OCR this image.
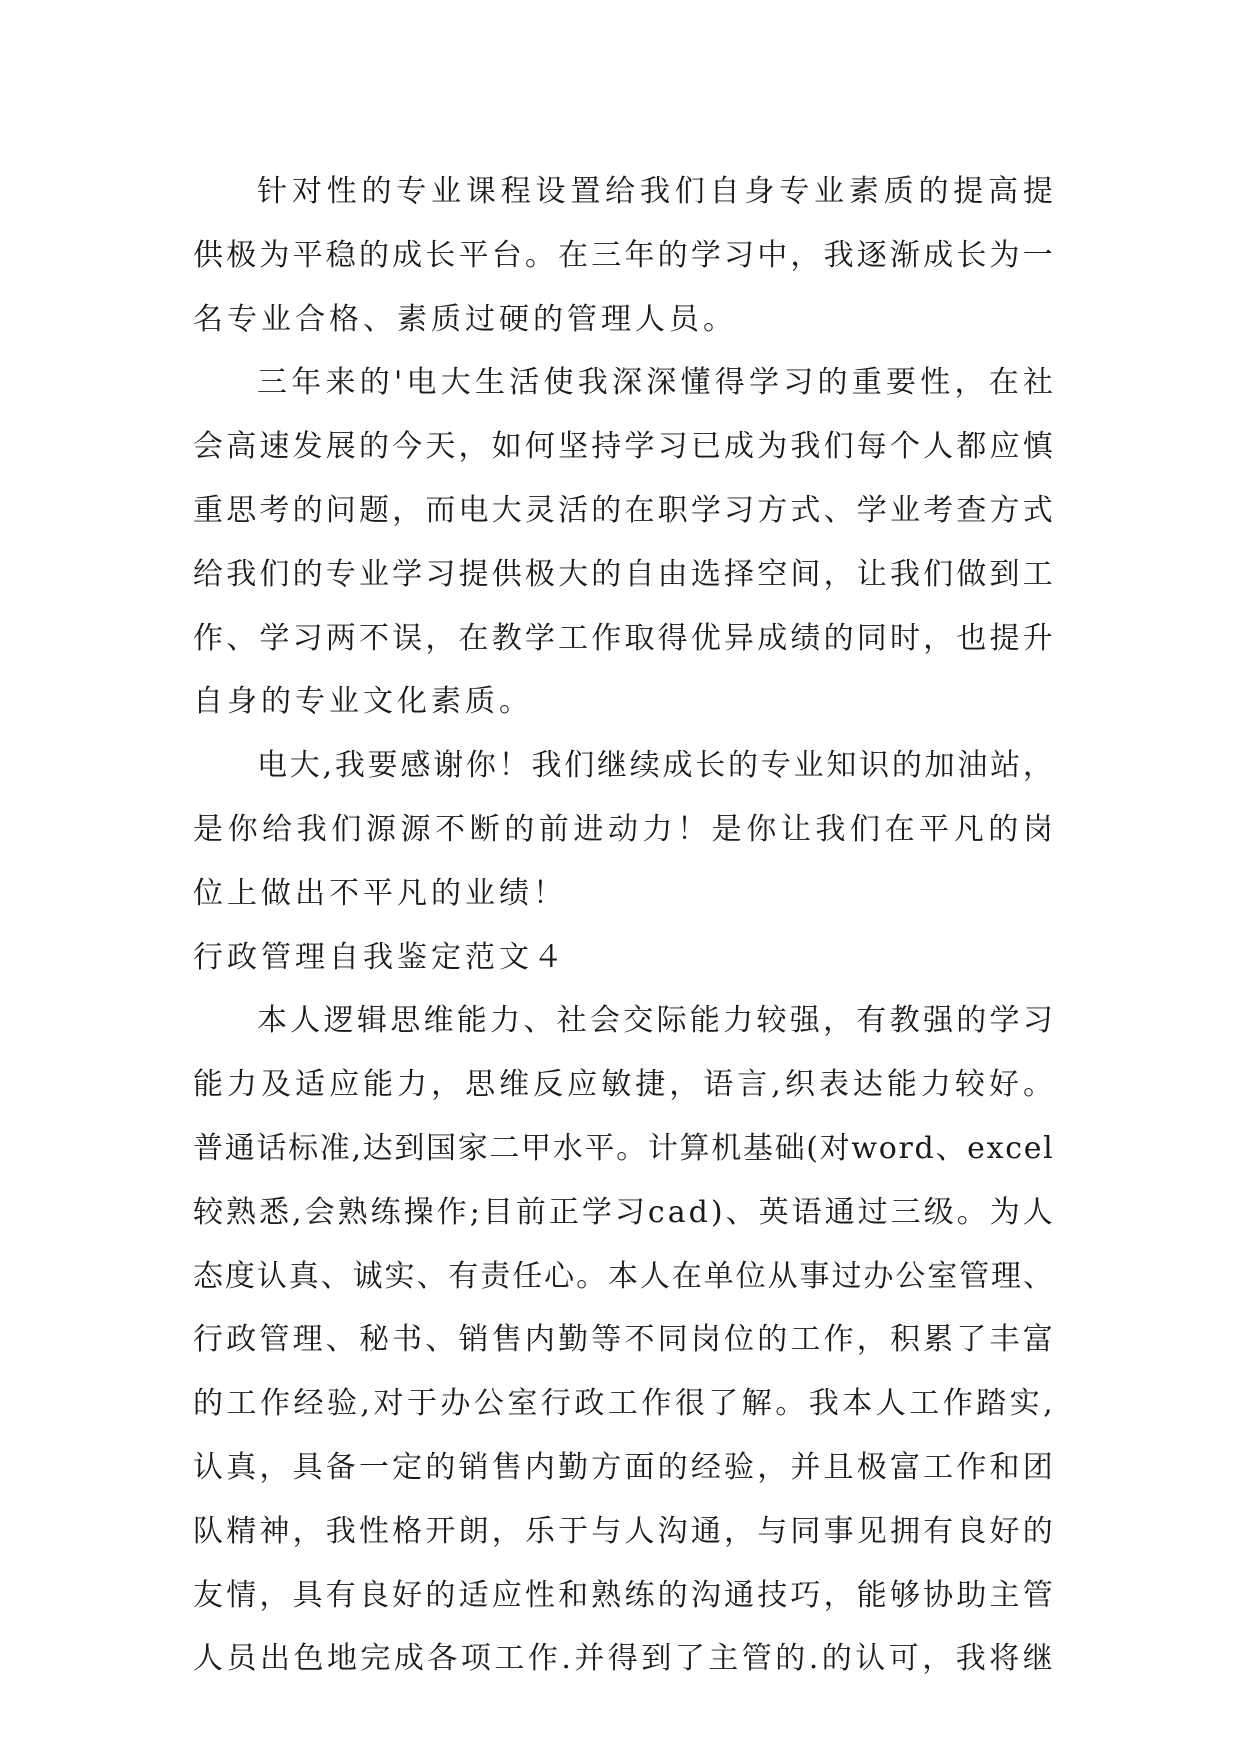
针 对 性 的 专 业 课 程 设 置 给 我 们 自 身 专 业 素 质 的 提 高 提
供 极 为 平 稳 的 成 长 平 台 。 在 三 年 的 学 习 中 ， 我 逐 渐 成 长 为 一
名专业合格、素质过硬的管理人员。
三 年 来 的 ' 电 大 生 活 使 我 深 深 懂 得 学 习 的 重 要 性 ， 在 社
会 高 速 发 展 的 今 天 ， 如 何 坚 持 学 习 已 成 为 我 们 每 个 人 都 应 慎
重 思 考 的 问 题 ， 而 电 大 灵 活 的 在 职 学 习 方 式 、 学 业 考 查 方 式
给 我 们 的 专 业 学 习 提 供 极 大 的 自 由 选 择 空 间 ， 让 我 们 做 到 工
作 、 学 习 两 不 误 ， 在 教 学 工 作 取 得 优 异 成 绩 的 同 时 ， 也 提 升
自身的专业文化素质。
电 大 , 我 要 感 谢 你 ！ 我 们 继 续 成 长 的 专 业 知 识 的 加 油 站 ，
是 你 给 我 们 源 源 不 断 的 前 进 动 力 ！ 是 你 让 我 们 在 平 凡 的 岗
位上做出不平凡的业绩！
行政管理自我鉴定范文４
本 人 逻 辑 思 维 能 力 、 社 会 交 际 能 力 较 强 ， 有 教 强 的 学 习
能 力 及 适 应 能 力 ， 思 维 反 应 敏 捷 ， 语 言 , 织 表 达 能 力 较 好 。
普 通 话 标 准 , 达 到 国 家 二 甲 水 平 。 计 算 机 基 础 ( 对 w o r d 、 e x c e l
较 熟 悉 , 会 熟 练 操 作 ; 目 前 正 学 习 c a d ) 、 英 语 通 过 三 级 。 为 人
态 度 认 真 、 诚 实 、 有 责 任 心 。 本 人 在 单 位 从 事 过 办 公 室 管 理 、
行 政 管 理 、 秘 书 、 销 售 内 勤 等 不 同 岗 位 的 工 作 ， 积 累 了 丰 富
的 工 作 经 验 , 对 于 办 公 室 行 政 工 作 很 了 解 。 我 本 人 工 作 踏 实 ,
认 真 ， 具 备 一 定 的 销 售 内 勤 方 面 的 经 验 ， 并 且 极 富 工 作 和 团
队 精 神 ， 我 性 格 开 朗 ， 乐 于 与 人 沟 通 ， 与 同 事 见 拥 有 良 好 的
友 情 ， 具 有 良 好 的 适 应 性 和 熟 练 的 沟 通 技 巧 ， 能 够 协 助 主 管
人 员 出 色 地 完 成 各 项 工 作 . 并 得 到 了 主 管 的 . 的 认 可 ， 我 将 继
